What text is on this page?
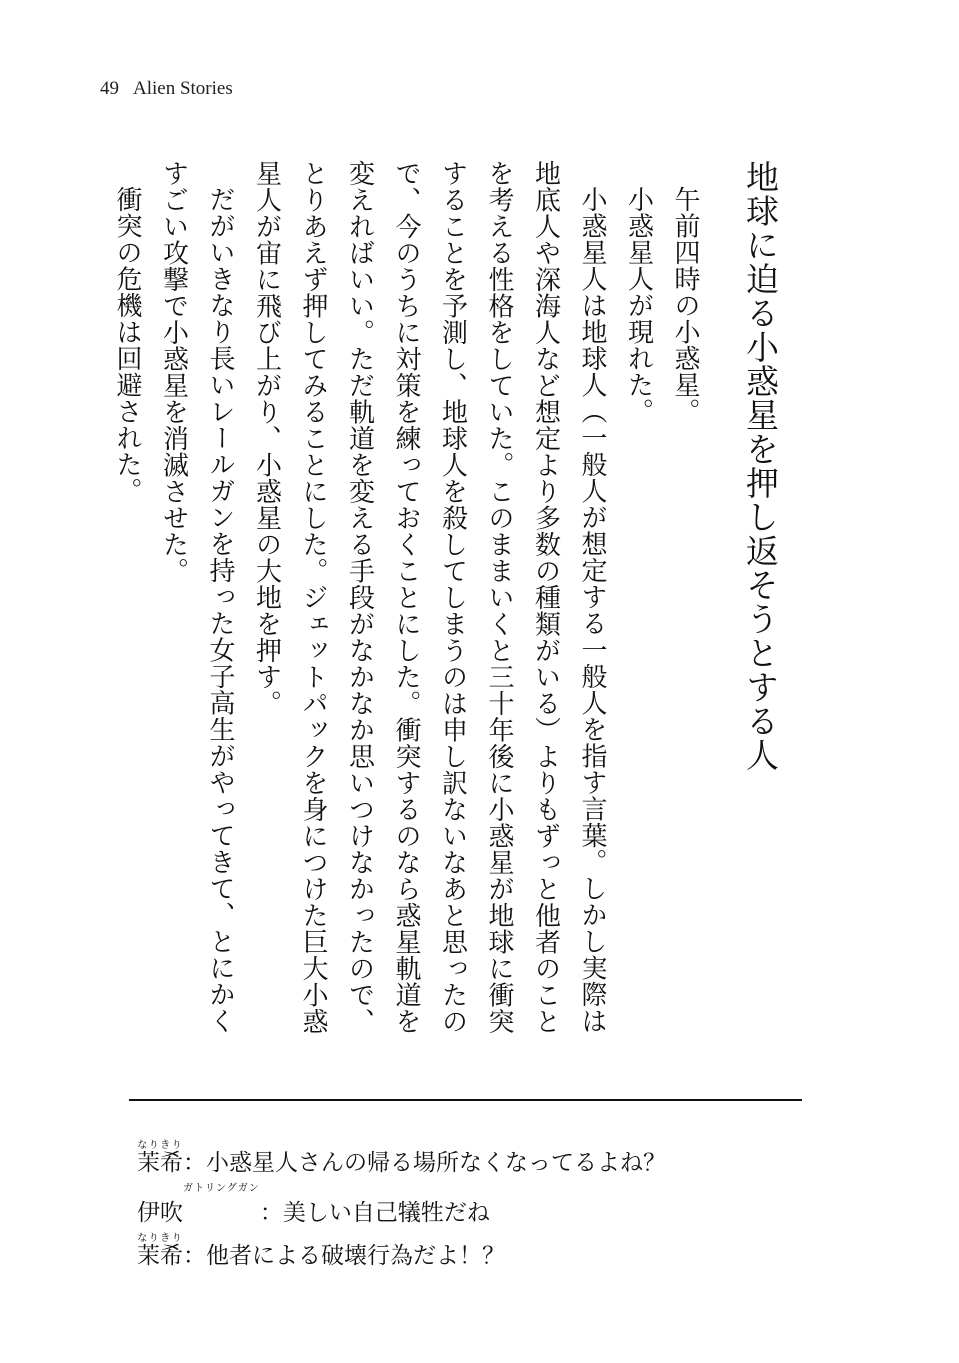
49 Alien Stories
地球に迫る小惑星を押し返そうとする人

午前四時の小惑星。

小惑星人が現れた。

小惑星人は地球人（一般人が想定する一般人を指す言葉。しかし実際は地底人や深海人など想定より多数の種類がいる）よりもずっと他者のことを考える性格をしていた。このままいくと三十年後に小惑星が地球に衝突することを予測し、地球人を殺してしまうのは申し訳ないなあと思ったので、今のうちに対策を練っておくことにした。衝突するのなら惑星軌道を変えればいい。ただ軌道を変える手段がなかなか思いつけなかったので、とりあえず押してみることにした。ジェットパックを身につけた巨大小惑星人が宙に飛び上がり、小惑星の大地を押す。

だがいきなり長いレールガンを持った女子高生がやってきて、とにかくすごい攻撃で小惑星を消滅させた。

衝突の危機は回避された。

茉希なりきり：小惑星人さんの帰る場所なくなってるよね？
伊吹ガトリングガン：美しい自己犠牲だね
茉希なりきり：他者による破壊行為だよ！？
